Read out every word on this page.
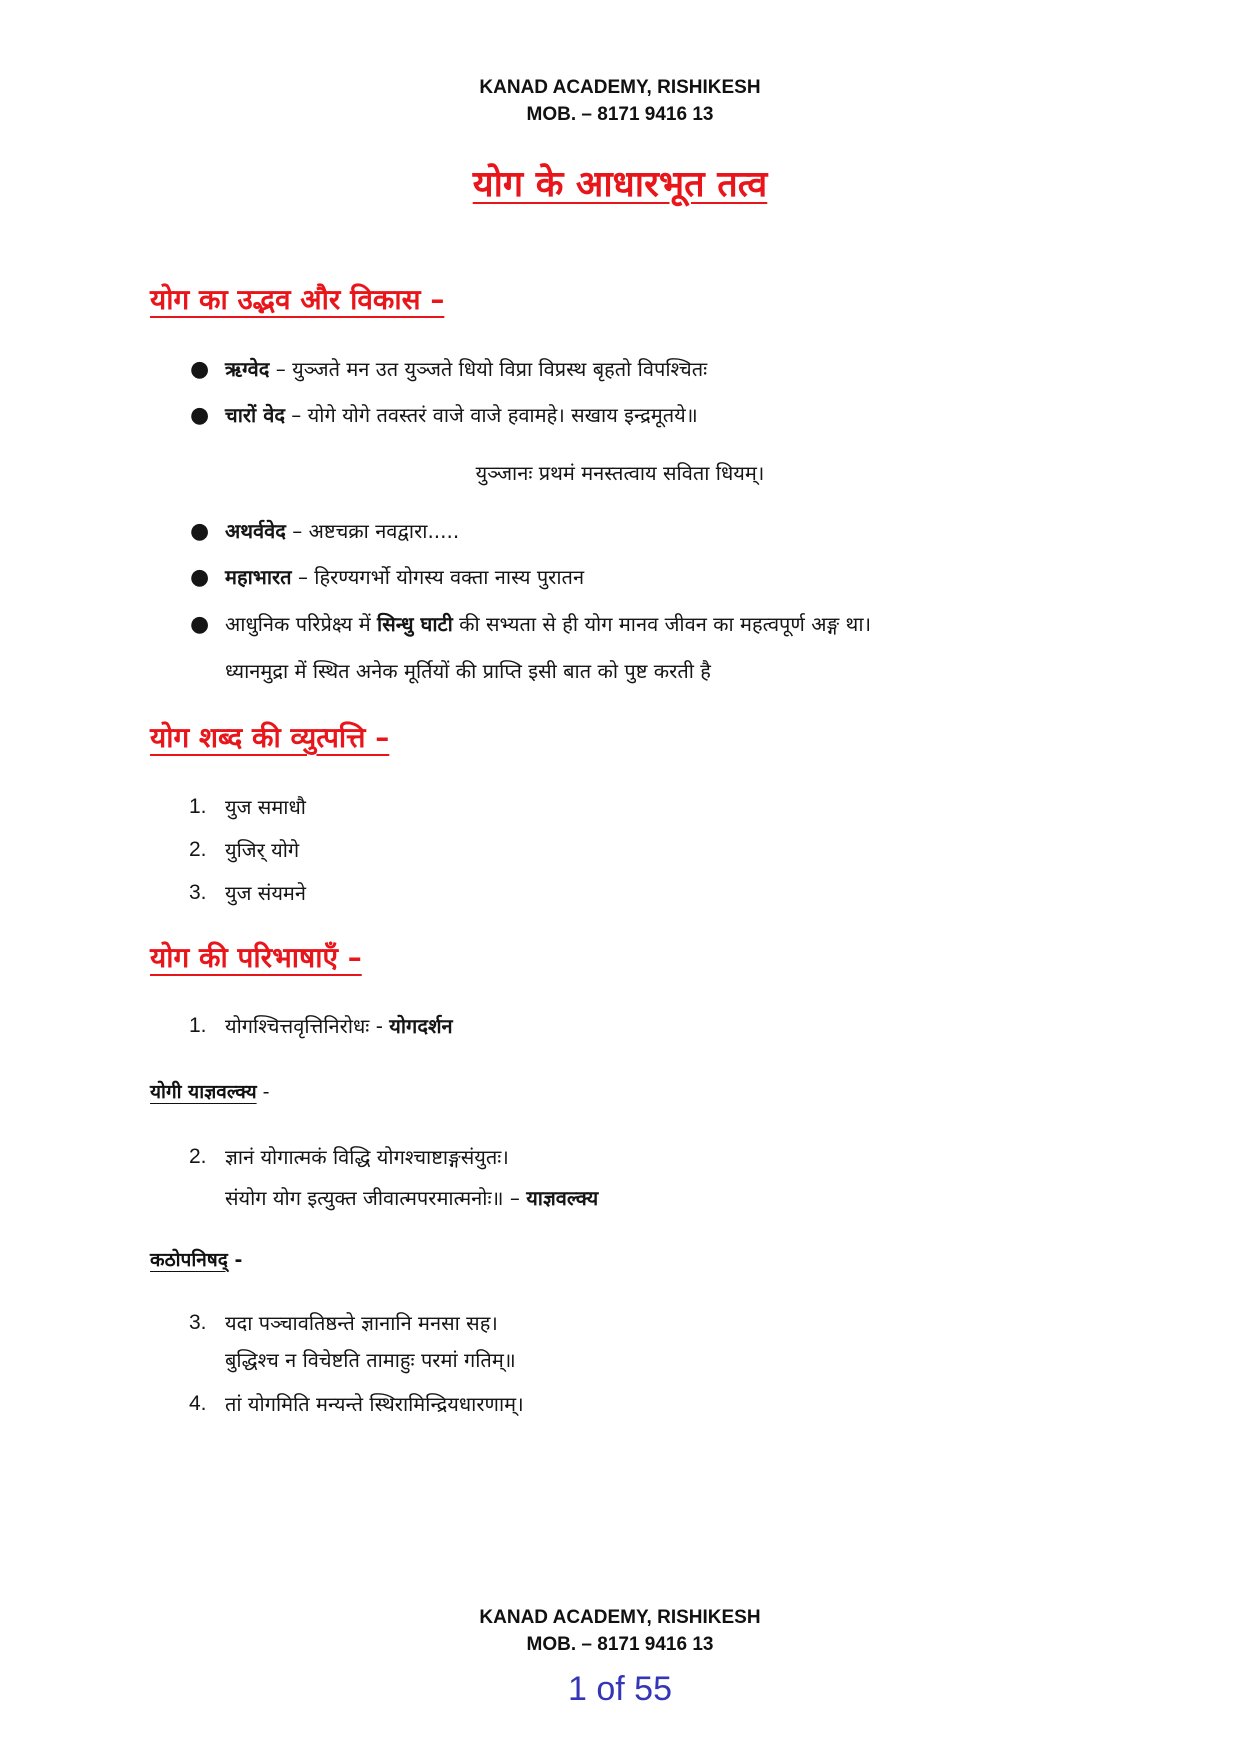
KANAD ACADEMY, RISHIKESH
MOB. – 8171 9416 13
योग के आधारभूत तत्व
योग का उद्भव और विकास –
● ऋग्वेद – युञ्जते मन उत युञ्जते धियो विप्रा विप्रस्थ बृहतो विपश्चितः
● चारों वेद – योगे योगे तवस्तरं वाजे वाजे हवामहे। सखाय इन्द्रमूतये॥
युञ्जानः प्रथमं मनस्तत्वाय सविता धियम्।
● अथर्ववेद – अष्टचक्रा नवद्वारा.....
● महाभारत – हिरण्यगर्भो योगस्य वक्ता नास्य पुरातन
● आधुनिक परिप्रेक्ष्य में सिन्धु घाटी की सभ्यता से ही योग मानव जीवन का महत्वपूर्ण अङ्ग था।
ध्यानमुद्रा में स्थित अनेक मूर्तियों की प्राप्ति इसी बात को पुष्ट करती है
योग शब्द की व्युत्पत्ति –
1. युज समाधौ
2. युजिर् योगे
3. युज संयमने
योग की परिभाषाएँ –
1. योगश्चित्तवृत्तिनिरोधः - योगदर्शन
योगी याज्ञवल्क्य -
2. ज्ञानं योगात्मकं विद्धि योगश्चाष्टाङ्गसंयुतः।
संयोग योग इत्युक्त जीवात्मपरमात्मनोः॥ – याज्ञवल्क्य
कठोपनिषद् -
3. यदा पञ्चावतिष्ठन्ते ज्ञानानि मनसा सह।
बुद्धिश्च न विचेष्टति तामाहुः परमां गतिम्॥
4. तां योगमिति मन्यन्ते स्थिरामिन्द्रियधारणाम्।
KANAD ACADEMY, RISHIKESH
MOB. – 8171 9416 13
1 of 55
